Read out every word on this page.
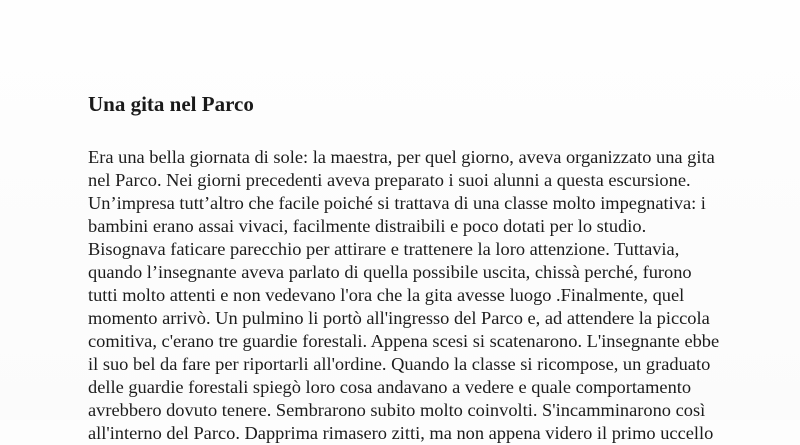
Una gita nel Parco
Era una bella giornata di sole: la maestra, per quel giorno, aveva organizzato una gita
nel Parco. Nei giorni precedenti aveva preparato i suoi alunni a questa escursione.
Un’impresa tutt’altro che facile poiché si trattava di una classe molto impegnativa: i
bambini erano assai vivaci, facilmente distraibili e poco dotati per lo studio.
Bisognava faticare parecchio per attirare e trattenere la loro attenzione. Tuttavia,
quando l’insegnante aveva parlato di quella possibile uscita, chissà perché, furono
tutti molto attenti e non vedevano l'ora che la gita avesse luogo .Finalmente, quel
momento arrivò. Un pulmino li portò all'ingresso del Parco e, ad attendere la piccola
comitiva, c'erano tre guardie forestali. Appena scesi si scatenarono. L'insegnante ebbe
il suo bel da fare per riportarli all'ordine. Quando la classe si ricompose, un graduato
delle guardie forestali spiegò loro cosa andavano a vedere e quale comportamento
avrebbero dovuto tenere. Sembrarono subito molto coinvolti. S'incamminarono così
all'interno del Parco. Dapprima rimasero zitti, ma non appena videro il primo uccello
